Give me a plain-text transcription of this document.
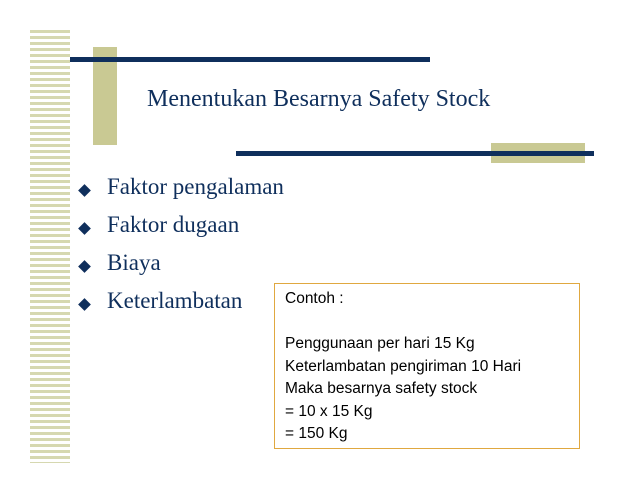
Menentukan Besarnya Safety Stock
Faktor pengalaman
Faktor dugaan
Biaya
Keterlambatan	Contoh :
Penggunaan per hari 15 Kg
Keterlambatan pengiriman 10 Hari
Maka besarnya safety stock
= 10 x 15 Kg
= 150 Kg
